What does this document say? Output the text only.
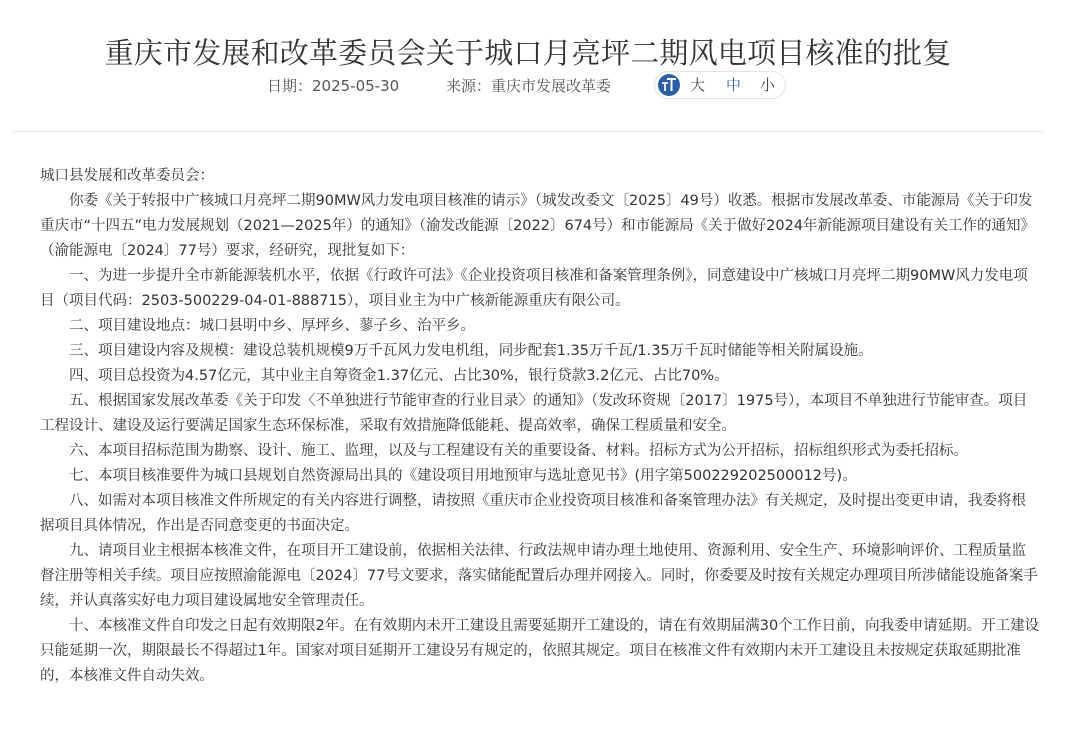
重庆市发展和改革委员会关于城口月亮坪二期风电项目核准的批复
日期：2025-05-30	来源：重庆市发展改革委	大 中 小

城口县发展和改革委员会：

你委《关于转报中广核城口月亮坪二期90MW风力发电项目核准的请示》（城发改委文〔2025〕49号）收悉。根据市发展改革委、市能源局《关于印发重庆市“十四五”电力发展规划（2021—2025年）的通知》（渝发改能源〔2022〕674号）和市能源局《关于做好2024年新能源项目建设有关工作的通知》（渝能源电〔2024〕77号）要求，经研究，现批复如下：

一、为进一步提升全市新能源装机水平，依据《行政许可法》《企业投资项目核准和备案管理条例》，同意建设中广核城口月亮坪二期90MW风力发电项目（项目代码：2503-500229-04-01-888715），项目业主为中广核新能源重庆有限公司。

二、项目建设地点：城口县明中乡、厚坪乡、蓼子乡、治平乡。

三、项目建设内容及规模：建设总装机规模9万千瓦风力发电机组，同步配套1.35万千瓦/1.35万千瓦时储能等相关附属设施。

四、项目总投资为4.57亿元，其中业主自筹资金1.37亿元、占比30%，银行贷款3.2亿元、占比70%。

五、根据国家发展改革委《关于印发〈不单独进行节能审查的行业目录〉的通知》（发改环资规〔2017〕1975号），本项目不单独进行节能审查。项目工程设计、建设及运行要满足国家生态环保标准，采取有效措施降低能耗、提高效率，确保工程质量和安全。

六、本项目招标范围为勘察、设计、施工、监理，以及与工程建设有关的重要设备、材料。招标方式为公开招标，招标组织形式为委托招标。

七、本项目核准要件为城口县规划自然资源局出具的《建设项目用地预审与选址意见书》(用字第500229202500012号)。

八、如需对本项目核准文件所规定的有关内容进行调整，请按照《重庆市企业投资项目核准和备案管理办法》有关规定，及时提出变更申请，我委将根据项目具体情况，作出是否同意变更的书面决定。

九、请项目业主根据本核准文件，在项目开工建设前，依据相关法律、行政法规申请办理土地使用、资源利用、安全生产、环境影响评价、工程质量监督注册等相关手续。项目应按照渝能源电〔2024〕77号文要求，落实储能配置后办理并网接入。同时，你委要及时按有关规定办理项目所涉储能设施备案手续，并认真落实好电力项目建设属地安全管理责任。

十、本核准文件自印发之日起有效期限2年。在有效期内未开工建设且需要延期开工建设的，请在有效期届满30个工作日前，向我委申请延期。开工建设只能延期一次，期限最长不得超过1年。国家对项目延期开工建设另有规定的，依照其规定。项目在核准文件有效期内未开工建设且未按规定获取延期批准的，本核准文件自动失效。
